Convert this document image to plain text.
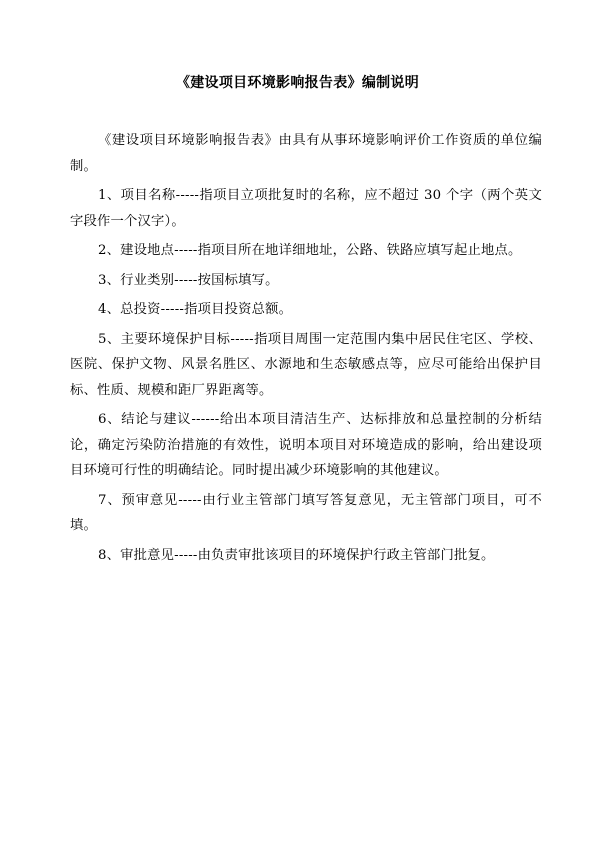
《建设项目环境影响报告表》编制说明

《建设项目环境影响报告表》由具有从事环境影响评价工作资质的单位编制。

1、项目名称-----指项目立项批复时的名称，应不超过 30 个字（两个英文字段作一个汉字）。

2、建设地点-----指项目所在地详细地址，公路、铁路应填写起止地点。

3、行业类别-----按国标填写。

4、总投资-----指项目投资总额。

5、主要环境保护目标-----指项目周围一定范围内集中居民住宅区、学校、医院、保护文物、风景名胜区、水源地和生态敏感点等，应尽可能给出保护目标、性质、规模和距厂界距离等。

6、结论与建议------给出本项目清洁生产、达标排放和总量控制的分析结论，确定污染防治措施的有效性，说明本项目对环境造成的影响，给出建设项目环境可行性的明确结论。同时提出减少环境影响的其他建议。

7、预审意见-----由行业主管部门填写答复意见，无主管部门项目，可不填。

8、审批意见-----由负责审批该项目的环境保护行政主管部门批复。
